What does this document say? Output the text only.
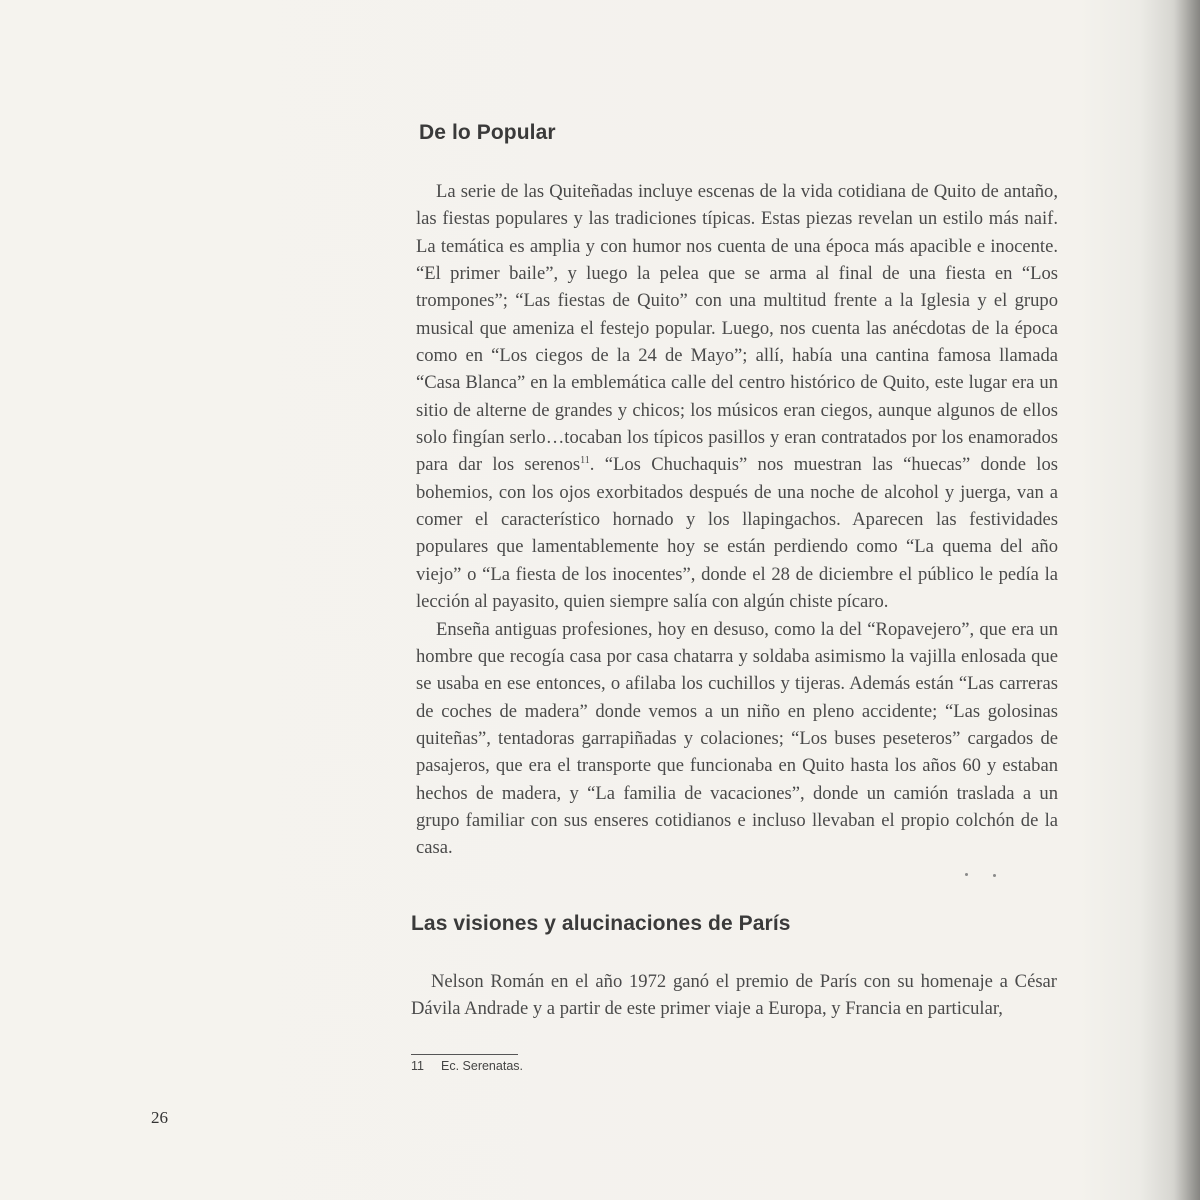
De lo Popular

La serie de las Quiteñadas incluye escenas de la vida cotidiana de Quito de antaño, las fiestas populares y las tradiciones típicas. Estas piezas revelan un estilo más naif. La temática es amplia y con humor nos cuenta de una época más apacible e inocente. “El primer baile”, y luego la pelea que se arma al final de una fiesta en “Los trompones”; “Las fiestas de Quito” con una multitud frente a la Iglesia y el grupo musical que ameniza el festejo popular. Luego, nos cuenta las anécdotas de la época como en “Los ciegos de la 24 de Mayo”; allí, había una cantina famosa llamada “Casa Blanca” en la emblemática calle del centro histórico de Quito, este lugar era un sitio de alterne de grandes y chicos; los músicos eran ciegos, aunque algunos de ellos solo fingían serlo…tocaban los típicos pasillos y eran contratados por los enamorados para dar los serenos$^{11}$. “Los Chuchaquis” nos muestran las “huecas” donde los bohemios, con los ojos exorbitados después de una noche de alcohol y juerga, van a comer el característico hornado y los llapingachos. Aparecen las festividades populares que lamentablemente hoy se están perdiendo como “La quema del año viejo” o “La fiesta de los inocentes”, donde el 28 de diciembre el público le pedía la lección al payasito, quien siempre salía con algún chiste pícaro.

Enseña antiguas profesiones, hoy en desuso, como la del “Ropavejero”, que era un hombre que recogía casa por casa chatarra y soldaba asimismo la vajilla enlosada que se usaba en ese entonces, o afilaba los cuchillos y tijeras. Además están “Las carreras de coches de madera” donde vemos a un niño en pleno accidente; “Las golosinas quiteñas”, tentadoras garrapiñadas y colaciones; “Los buses peseteros” cargados de pasajeros, que era el transporte que funcionaba en Quito hasta los años 60 y estaban hechos de madera, y “La familia de vacaciones”, donde un camión traslada a un grupo familiar con sus enseres cotidianos e incluso llevaban el propio colchón de la casa.

Las visiones y alucinaciones de París

Nelson Román en el año 1972 ganó el premio de París con su homenaje a César Dávila Andrade y a partir de este primer viaje a Europa, y Francia en particular,

11 Ec. Serenatas.
26
